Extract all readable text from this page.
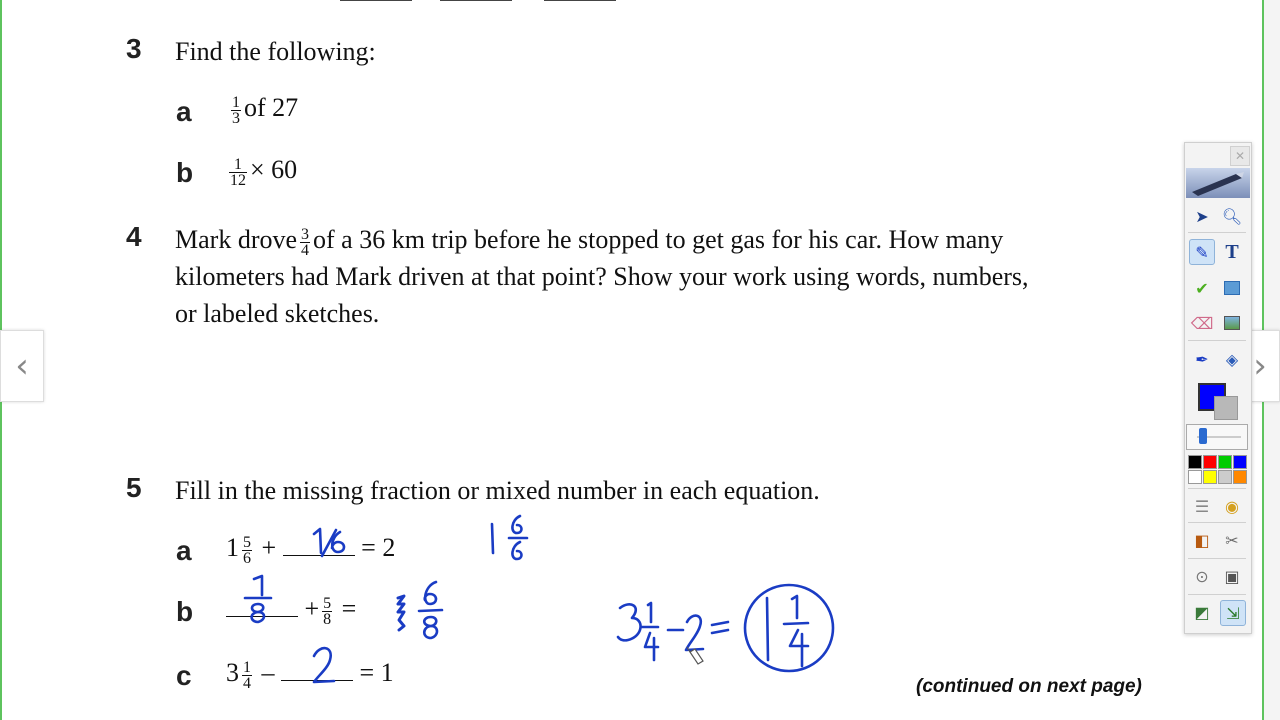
3 Find the following:
a $\frac{1}{3}$ of 27
b $\frac{1}{12} \times 60$
4 Mark drove $\frac{3}{4}$ of a 36 km trip before he stopped to get gas for his car. How many
kilometers had Mark driven at that point? Show your work using words, numbers,
or labeled sketches.
5 Fill in the missing fraction or mixed number in each equation.
a $1 \frac{5}{6}$ +	= 2
b	+ $\frac{5}{8}$ =
c $3 \frac{1}{4}$ –	= 1	(continued on next page)
‹	›
✕
➤ 🔍︎
✎ T
✔
⌫
✒	◈
☰ ◉
◧ ✂
⊙ ▣
◩	⇲
